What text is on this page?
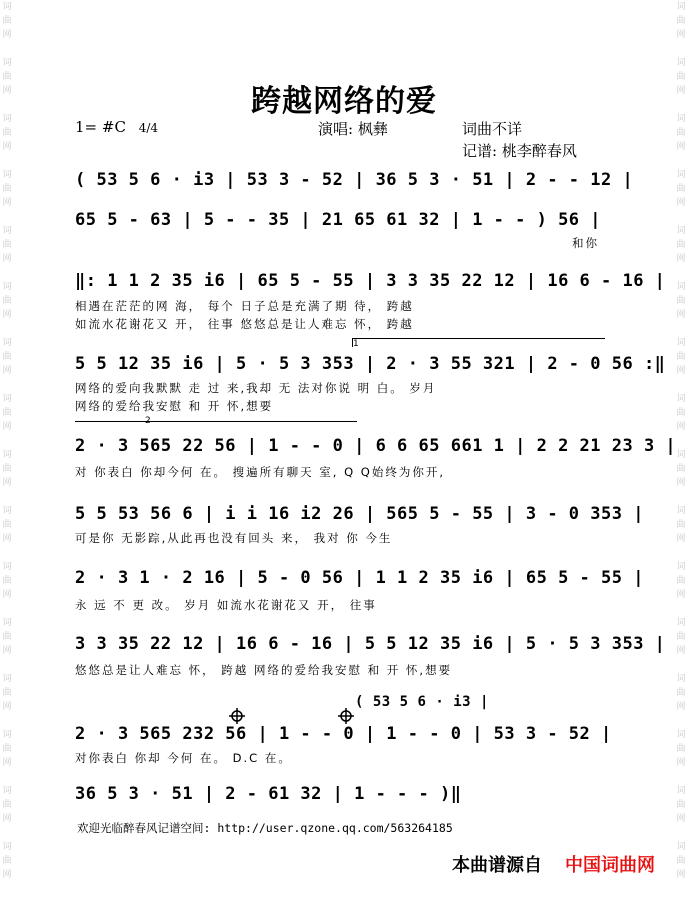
词
曲
网

词
曲
网

词
曲
网

词
曲
网

词
曲
网

词
曲
网

词
曲
网

词
曲
网

词
曲
网

词
曲
网

词
曲
网

词
曲
网

词
曲
网

词
曲
网

词
曲
网

词
曲
网

词
曲
网

词
曲
网

词
曲
网

词
曲
网

词
曲
网

词
曲
网

词
曲
网

词
曲
网

词
曲
网

词
曲
网

词
曲
网

词
曲
网

词
曲
网

词
曲
网

词
曲
网

词
曲
网

跨越网络的爱
1= #C 4/4	演唱: 枫彝	词曲不详
记谱: 桃李醉春风
( 53 5 6 · i3 | 53 3 - 52 | 36 5 3 · 51 | 2 - - 12 |
65 5 - 63 | 5 - - 35 | 21 65 61 32 | 1 - - ) 56 |
和你
‖: 1 1 2 35 i6 | 65 5 - 55 | 3 3 35 22 12 | 16 6 - 16 |
相遇在茫茫的网 海， 每个 日子总是充满了期 待， 跨越
如流水花谢花又 开， 往事 悠悠总是让人难忘 怀， 跨越
1
5 5 12 35 i6 | 5 · 5 3 353 | 2 · 3 55 321 | 2 - 0 56 :‖
网络的爱向我默默 走 过 来,我却 无 法对你说 明 白。 岁月
网络的爱给我安慰 和 开 怀,想要
2
2 · 3 565 22 56 | 1 - - 0 | 6 6 65 661 1 | 2 2 21 23 3 |
对 你表白 你却今何 在。 搜遍所有聊天 室, Q Q始终为你开,
5 5 53 56 6 | i i 16 i2 26 | 565 5 - 55 | 3 - 0 353 |
可是你 无影踪,从此再也没有回头 来， 我对 你 今生
2 · 3 1 · 2 16 | 5 - 0 56 | 1 1 2 35 i6 | 65 5 - 55 |
永 远 不 更 改。 岁月 如流水花谢花又 开， 往事
3 3 35 22 12 | 16 6 - 16 | 5 5 12 35 i6 | 5 · 5 3 353 |
悠悠总是让人难忘 怀， 跨越 网络的爱给我安慰 和 开 怀,想要
( 53 5 6 · i3 |
2 · 3 565 232 56 | 1 - - 0 | 1 - - 0 | 53 3 - 52 |
对你表白 你却 今何 在。 D.C 在。
36 5 3 · 51 | 2 - 61 32 | 1 - - - )‖
欢迎光临醉春风记谱空间: http://user.qzone.qq.com/563264185
本曲谱源自 中国词曲网
